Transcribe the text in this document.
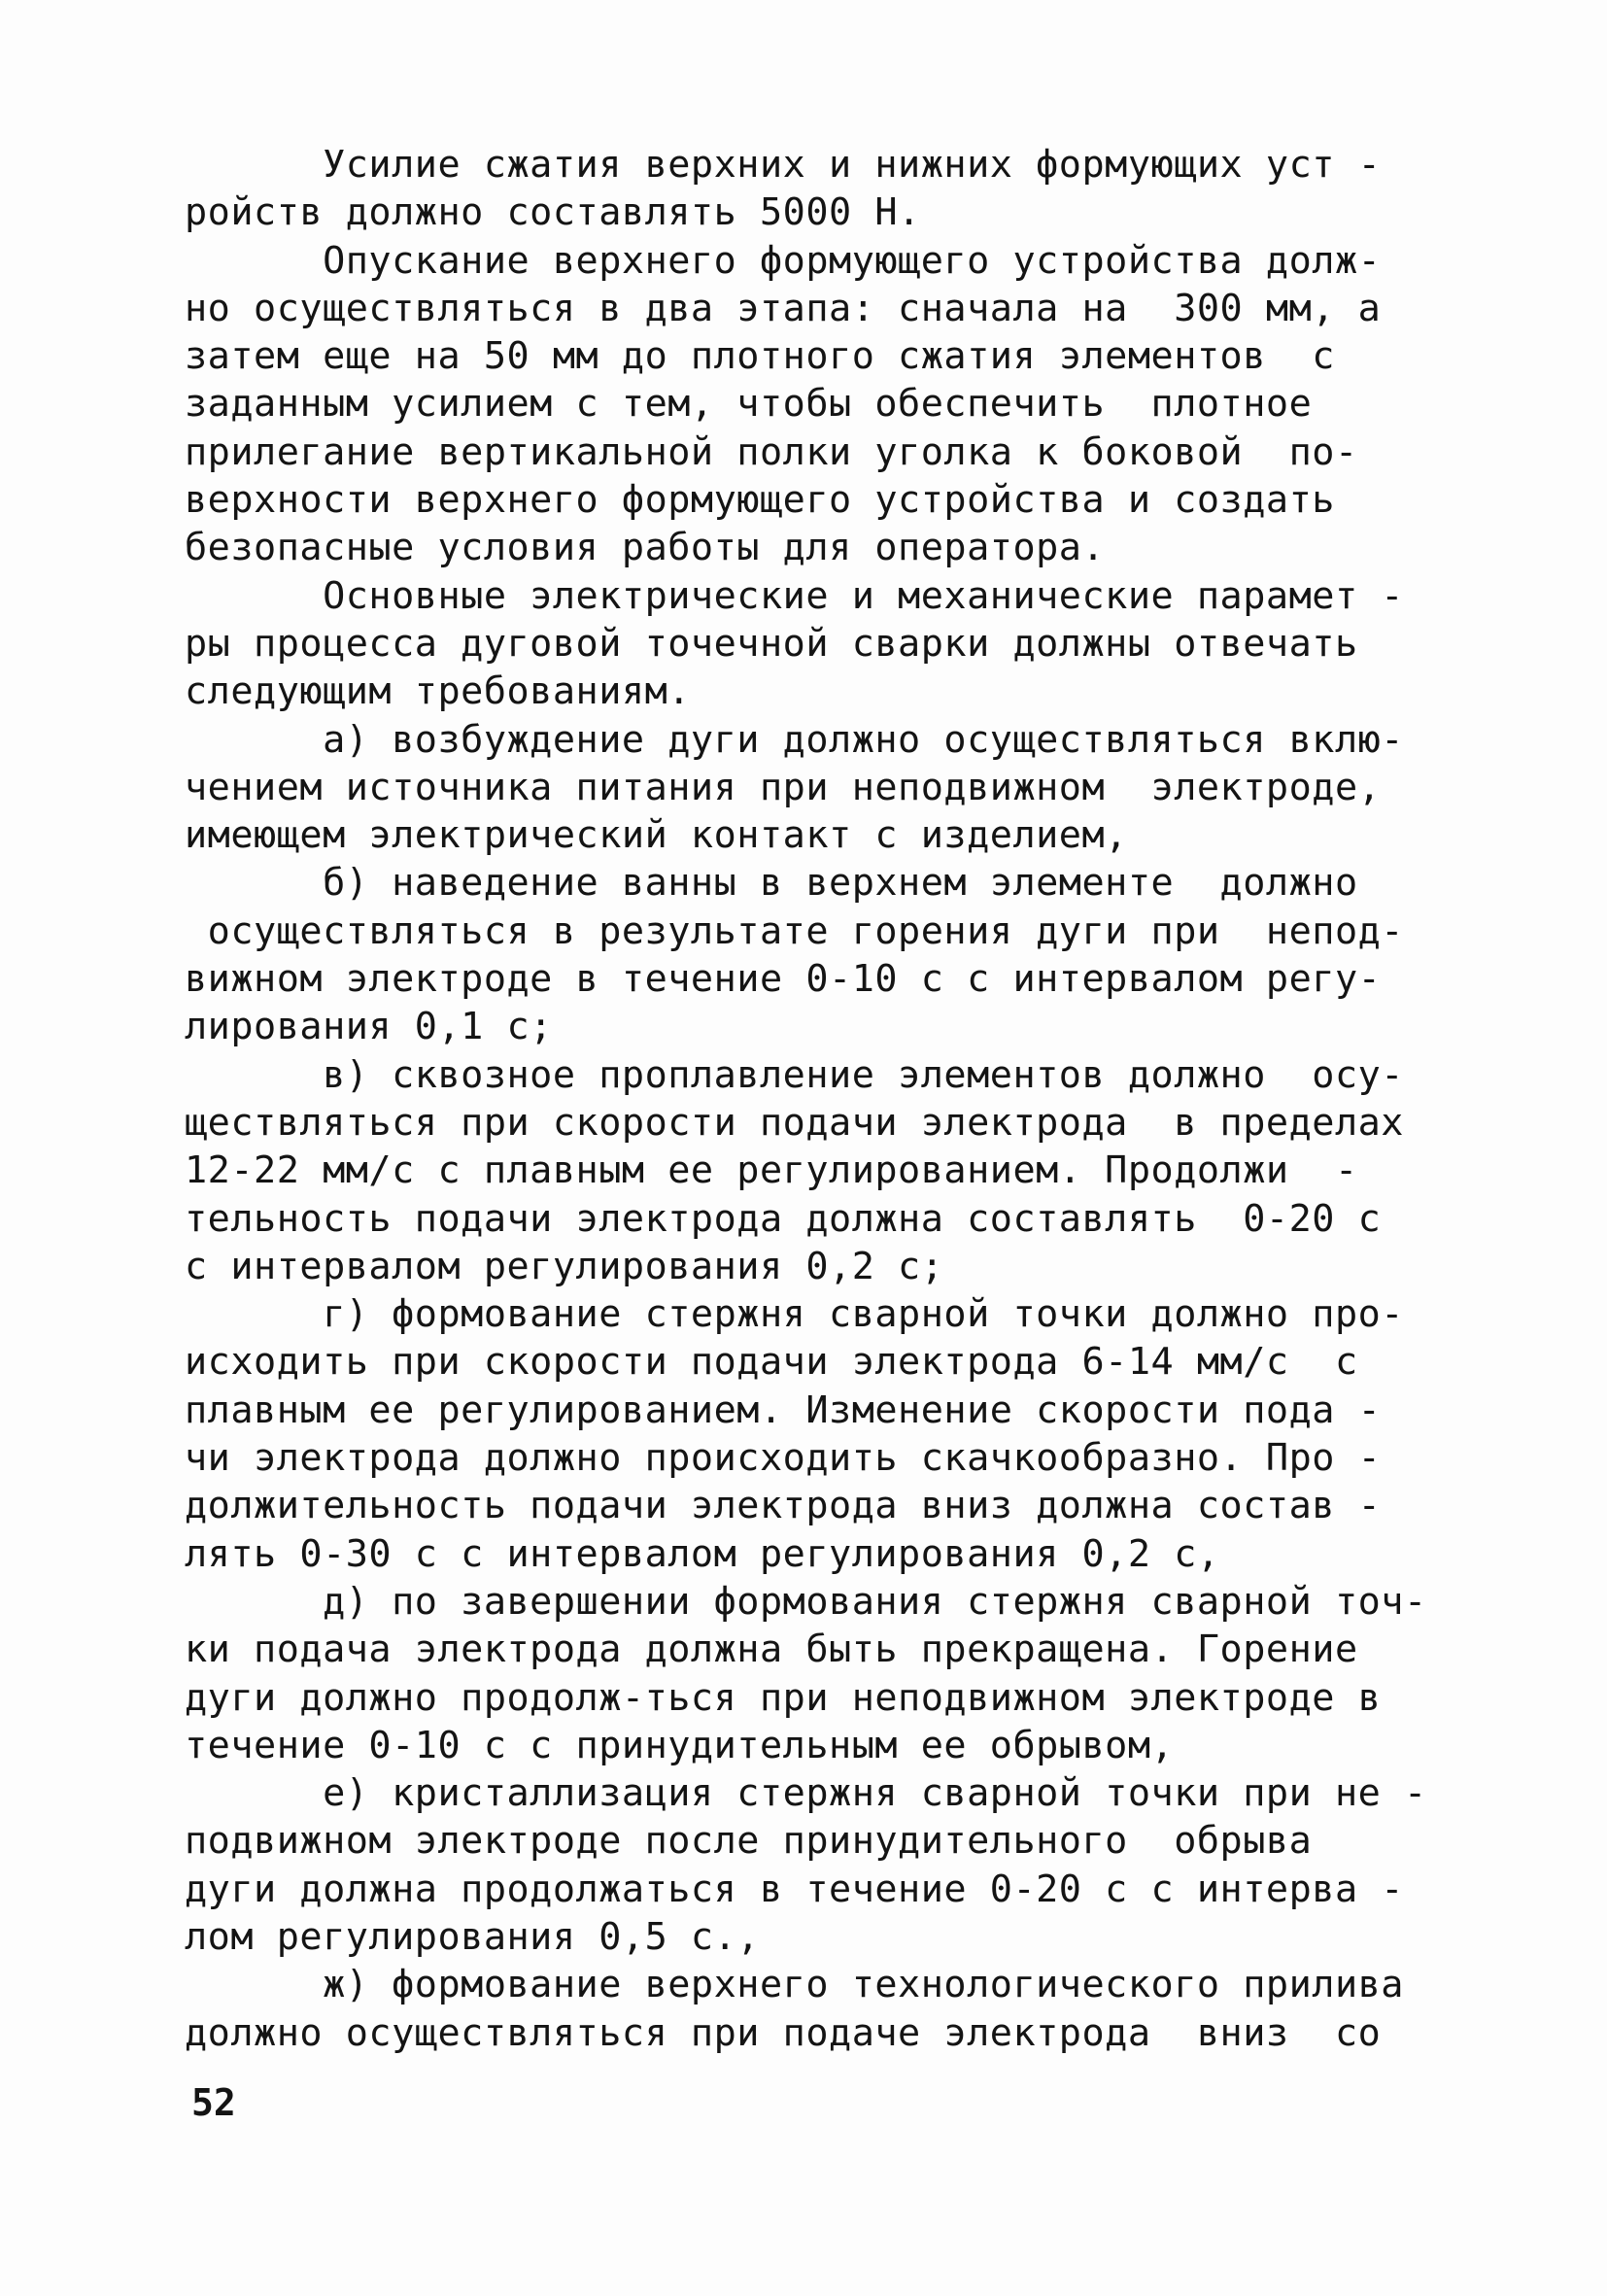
Усилие сжатия верхних и нижних формующих уст -
ройств должно составлять 5000 Н.
Опускание верхнего формующего устройства долж-
но осуществляться в два этапа: сначала на  300 мм, а
затем еще на 50 мм до плотного сжатия элементов  с
заданным усилием с тем, чтобы обеспечить  плотное
прилегание вертикальной полки уголка к боковой  по-
верхности верхнего формующего устройства и создать
безопасные условия работы для оператора.
Основные электрические и механические парамет -
ры процесса дуговой точечной сварки должны отвечать
следующим требованиям.
а) возбуждение дуги должно осуществляться вклю-
чением источника питания при неподвижном  электроде,
имеющем электрический контакт с изделием,
б) наведение ванны в верхнем элементе  должно
осуществляться в результате горения дуги при  непод-
вижном электроде в течение 0-10 с с интервалом регу-
лирования 0,1 с;
в) сквозное проплавление элементов должно  осу-
ществляться при скорости подачи электрода  в пределах
12-22 мм/с с плавным ее регулированием. Продолжи  -
тельность подачи электрода должна составлять  0-20 с
с интервалом регулирования 0,2 с;
г) формование стержня сварной точки должно про-
исходить при скорости подачи электрода 6-14 мм/с  с
плавным ее регулированием. Изменение скорости пода -
чи электрода должно происходить скачкообразно. Про -
должительность подачи электрода вниз должна состав -
лять 0-30 с с интервалом регулирования 0,2 с,
д) по завершении формования стержня сварной точ-
ки подача электрода должна быть прекращена. Горение
дуги должно продолж-ться при неподвижном электроде в
течение 0-10 с с принудительным ее обрывом,
е) кристаллизация стержня сварной точки при не -
подвижном электроде после принудительного  обрыва
дуги должна продолжаться в течение 0-20 с с интерва -
лом регулирования 0,5 с.,
ж) формование верхнего технологического прилива
должно осуществляться при подаче электрода  вниз  со
52
